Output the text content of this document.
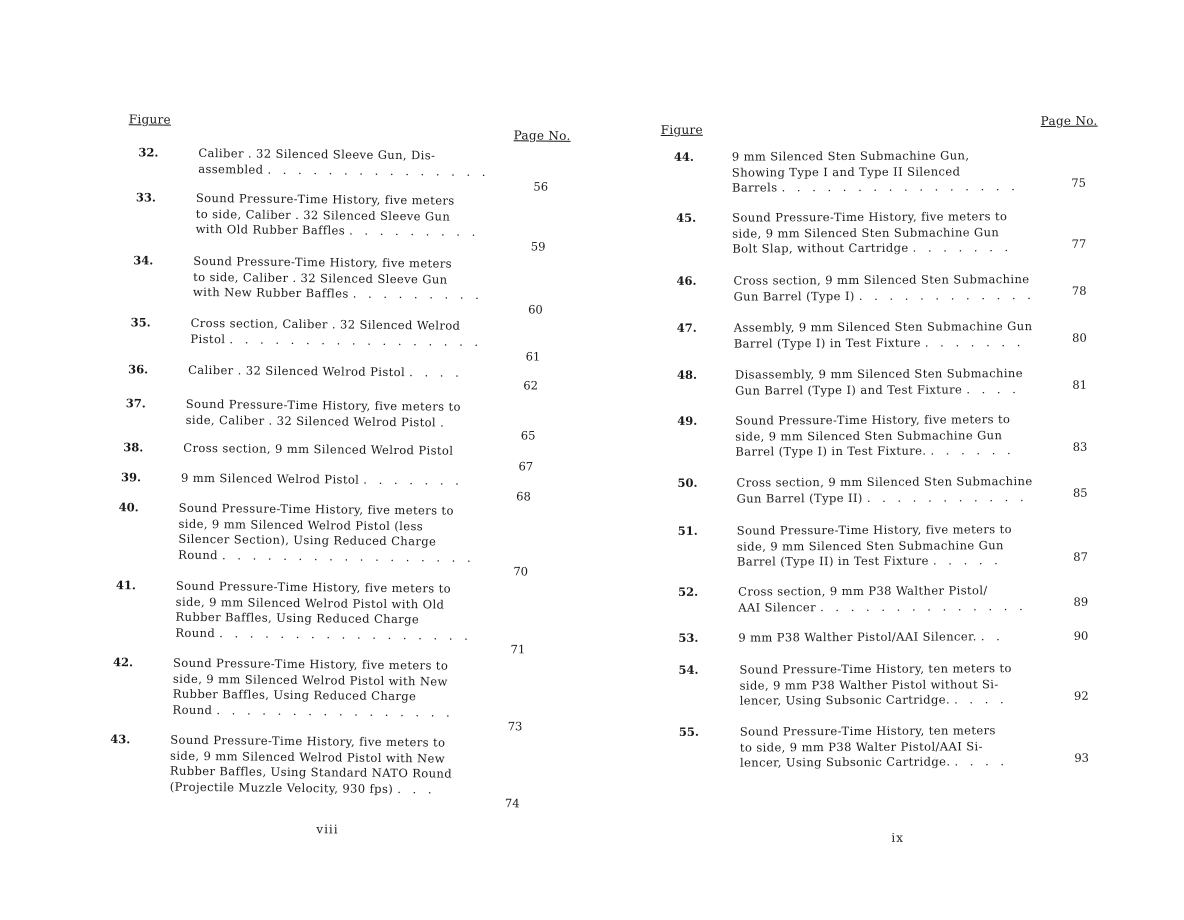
Figure
Page No.
32.	Caliber . 32 Silenced Sleeve Gun, Dis-
assembled . . . . . . . . . . . . . . .
56
33.	Sound Pressure-Time History, five meters
to side, Caliber . 32 Silenced Sleeve Gun
with Old Rubber Baffles . . . . . . . . .
59
34.	Sound Pressure-Time History, five meters
to side, Caliber . 32 Silenced Sleeve Gun
with New Rubber Baffles . . . . . . . . .
60
35.	Cross section, Caliber . 32 Silenced Welrod
Pistol . . . . . . . . . . . . . . . . .
61
36.	Caliber . 32 Silenced Welrod Pistol . . . .
62
37.	Sound Pressure-Time History, five meters to
side, Caliber . 32 Silenced Welrod Pistol .
65
38.	Cross section, 9 mm Silenced Welrod Pistol
67
39.	9 mm Silenced Welrod Pistol . . . . . . .
68
40.	Sound Pressure-Time History, five meters to
side, 9 mm Silenced Welrod Pistol (less
Silencer Section), Using Reduced Charge
Round . . . . . . . . . . . . . . . . .
70
41.	Sound Pressure-Time History, five meters to
side, 9 mm Silenced Welrod Pistol with Old
Rubber Baffles, Using Reduced Charge
Round . . . . . . . . . . . . . . . . .
71
42.	Sound Pressure-Time History, five meters to
side, 9 mm Silenced Welrod Pistol with New
Rubber Baffles, Using Reduced Charge
Round . . . . . . . . . . . . . . . .
73
43.	Sound Pressure-Time History, five meters to
side, 9 mm Silenced Welrod Pistol with New
Rubber Baffles, Using Standard NATO Round
(Projectile Muzzle Velocity, 930 fps) . . .
74
viii
Figure
Page No.
44.	9 mm Silenced Sten Submachine Gun,
Showing Type I and Type II Silenced
Barrels . . . . . . . . . . . . . . . .	75
45.	Sound Pressure-Time History, five meters to
side, 9 mm Silenced Sten Submachine Gun
Bolt Slap, without Cartridge . . . . . . .	77
46.	Cross section, 9 mm Silenced Sten Submachine
Gun Barrel (Type I) . . . . . . . . . . . .	78
47.	Assembly, 9 mm Silenced Sten Submachine Gun
Barrel (Type I) in Test Fixture . . . . . . .	80
48.	Disassembly, 9 mm Silenced Sten Submachine
Gun Barrel (Type I) and Test Fixture . . . .	81
49.	Sound Pressure-Time History, five meters to
side, 9 mm Silenced Sten Submachine Gun
Barrel (Type I) in Test Fixture. . . . . . .	83
50.	Cross section, 9 mm Silenced Sten Submachine
Gun Barrel (Type II) . . . . . . . . . . .	85
51.	Sound Pressure-Time History, five meters to
side, 9 mm Silenced Sten Submachine Gun
Barrel (Type II) in Test Fixture . . . . .	87
52.	Cross section, 9 mm P38 Walther Pistol/
AAI Silencer . . . . . . . . . . . . . .	89
53.	9 mm P38 Walther Pistol/AAI Silencer. . .	90
54.	Sound Pressure-Time History, ten meters to
side, 9 mm P38 Walther Pistol without Si-
lencer, Using Subsonic Cartridge. . . . .	92
55.	Sound Pressure-Time History, ten meters
to side, 9 mm P38 Walter Pistol/AAI Si-
lencer, Using Subsonic Cartridge. . . . .	93
ix
